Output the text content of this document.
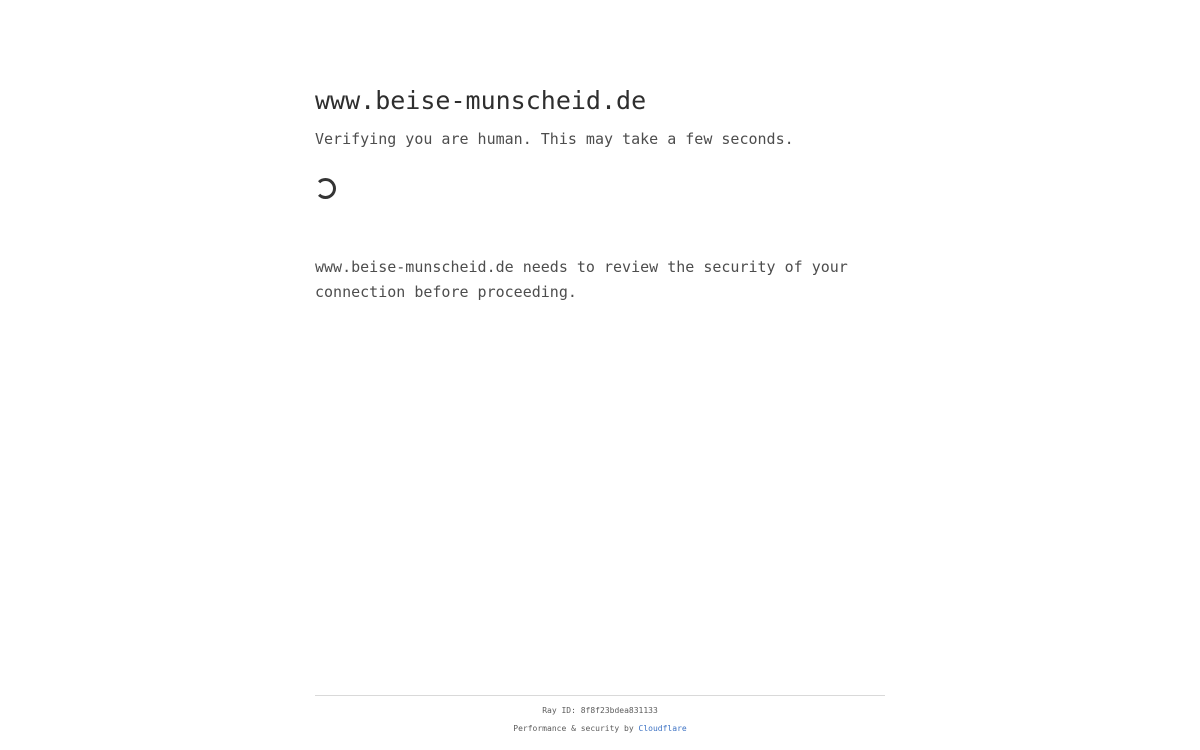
www.beise-munscheid.de

Verifying you are human. This may take a few seconds.

www.beise-munscheid.de needs to review the security of your connection before proceeding.

Ray ID: 8f8f23bdea831133
Performance & security by Cloudflare
